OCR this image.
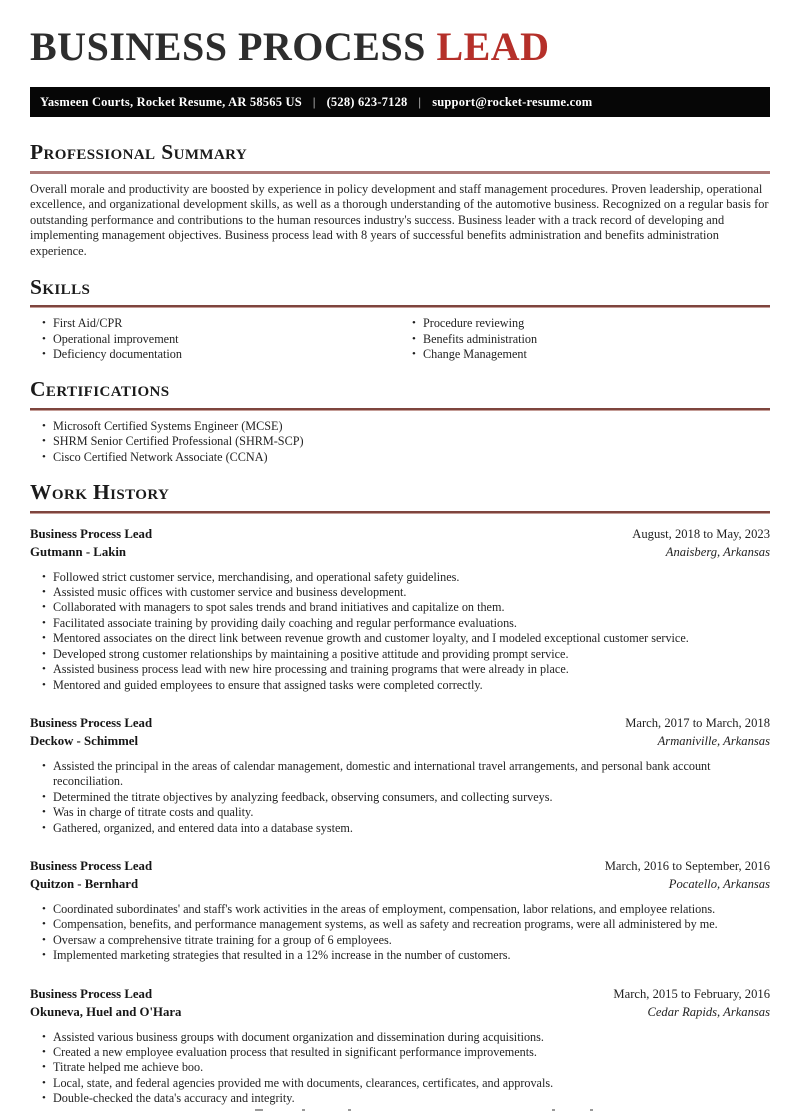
BUSINESS PROCESS LEAD
Yasmeen Courts, Rocket Resume, AR 58565 US | (528) 623-7128 | support@rocket-resume.com
Professional Summary

Overall morale and productivity are boosted by experience in policy development and staff management procedures. Proven leadership, operational excellence, and organizational development skills, as well as a thorough understanding of the automotive business. Recognized on a regular basis for outstanding performance and contributions to the human resources industry's success. Business leader with a track record of developing and implementing management objectives. Business process lead with 8 years of successful benefits administration and benefits administration experience.

Skills
• First Aid/CPR
• Operational improvement
• Deficiency documentation
• Procedure reviewing
• Benefits administration
• Change Management
Certifications
• Microsoft Certified Systems Engineer (MCSE)
• SHRM Senior Certified Professional (SHRM-SCP)
• Cisco Certified Network Associate (CCNA)
Work History
Business Process Lead	August, 2018 to May, 2023
Gutmann - Lakin	Anaisberg, Arkansas
• Followed strict customer service, merchandising, and operational safety guidelines.
• Assisted music offices with customer service and business development.
• Collaborated with managers to spot sales trends and brand initiatives and capitalize on them.
• Facilitated associate training by providing daily coaching and regular performance evaluations.
• Mentored associates on the direct link between revenue growth and customer loyalty, and I modeled exceptional customer service.
• Developed strong customer relationships by maintaining a positive attitude and providing prompt service.
• Assisted business process lead with new hire processing and training programs that were already in place.
• Mentored and guided employees to ensure that assigned tasks were completed correctly.
Business Process Lead	March, 2017 to March, 2018
Deckow - Schimmel	Armaniville, Arkansas
• Assisted the principal in the areas of calendar management, domestic and international travel arrangements, and personal bank account reconciliation.
• Determined the titrate objectives by analyzing feedback, observing consumers, and collecting surveys.
• Was in charge of titrate costs and quality.
• Gathered, organized, and entered data into a database system.
Business Process Lead	March, 2016 to September, 2016
Quitzon - Bernhard	Pocatello, Arkansas
• Coordinated subordinates' and staff's work activities in the areas of employment, compensation, labor relations, and employee relations.
• Compensation, benefits, and performance management systems, as well as safety and recreation programs, were all administered by me.
• Oversaw a comprehensive titrate training for a group of 6 employees.
• Implemented marketing strategies that resulted in a 12% increase in the number of customers.
Business Process Lead	March, 2015 to February, 2016
Okuneva, Huel and O'Hara	Cedar Rapids, Arkansas
• Assisted various business groups with document organization and dissemination during acquisitions.
• Created a new employee evaluation process that resulted in significant performance improvements.
• Titrate helped me achieve boo.
• Local, state, and federal agencies provided me with documents, clearances, certificates, and approvals.
• Double-checked the data's accuracy and integrity.
